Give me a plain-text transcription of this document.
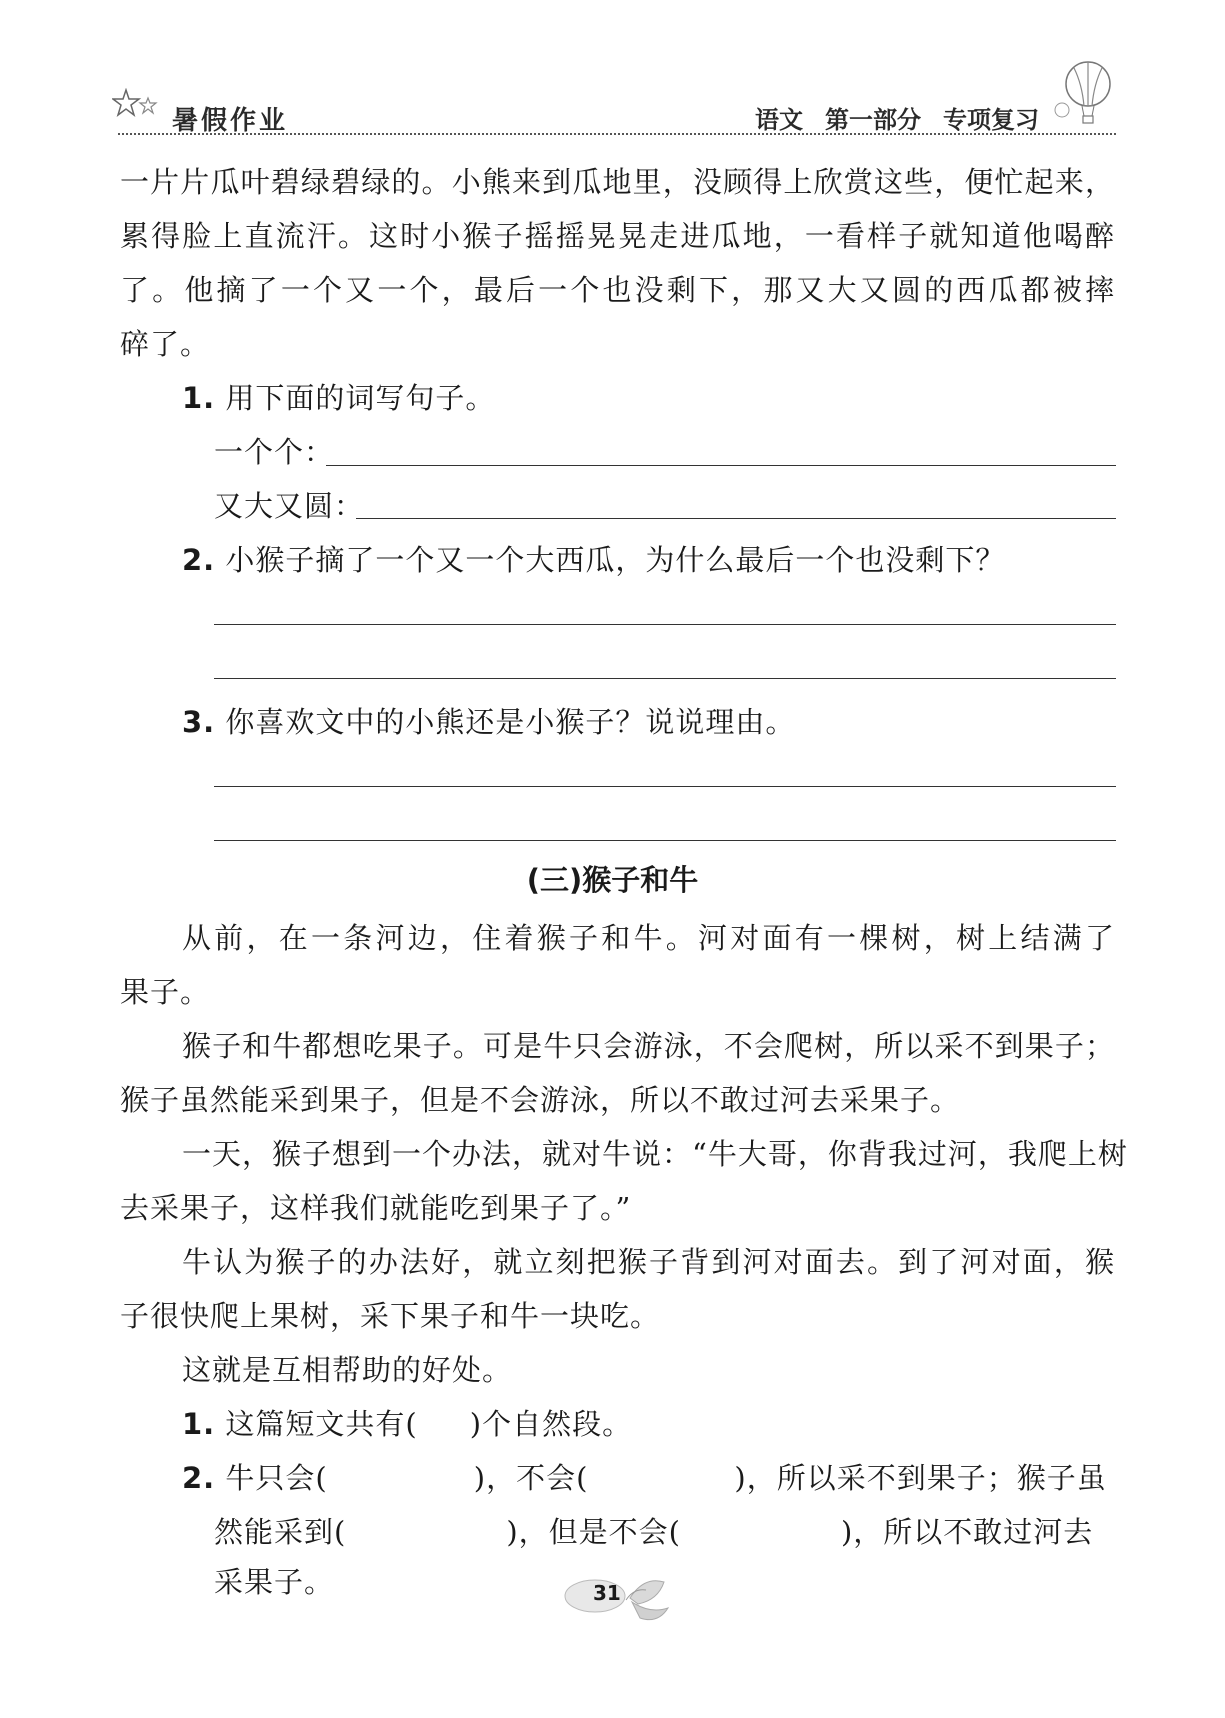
暑假作业	语文 第一部分 专项复习
一片片瓜叶碧绿碧绿的。小熊来到瓜地里，没顾得上欣赏这些，便忙起来，
累得脸上直流汗。这时小猴子摇摇晃晃走进瓜地，一看样子就知道他喝醉
了。他摘了一个又一个，最后一个也没剩下，那又大又圆的西瓜都被摔
碎了。
1. 用下面的词写句子。
一个个：
又大又圆：
2. 小猴子摘了一个又一个大西瓜，为什么最后一个也没剩下？
3. 你喜欢文中的小熊还是小猴子？说说理由。
(三)猴子和牛
从前，在一条河边，住着猴子和牛。河对面有一棵树，树上结满了
果子。
猴子和牛都想吃果子。可是牛只会游泳，不会爬树，所以采不到果子；
猴子虽然能采到果子，但是不会游泳，所以不敢过河去采果子。
一天，猴子想到一个办法，就对牛说：“牛大哥，你背我过河，我爬上树
去采果子，这样我们就能吃到果子了。”
牛认为猴子的办法好，就立刻把猴子背到河对面去。到了河对面，猴
子很快爬上果树，采下果子和牛一块吃。
这就是互相帮助的好处。
1. 这篇短文共有( )个自然段。
2. 牛只会(	)，不会(	)，所以采不到果子；猴子虽
然能采到(	)，但是不会(	)，所以不敢过河去
采果子。	31
